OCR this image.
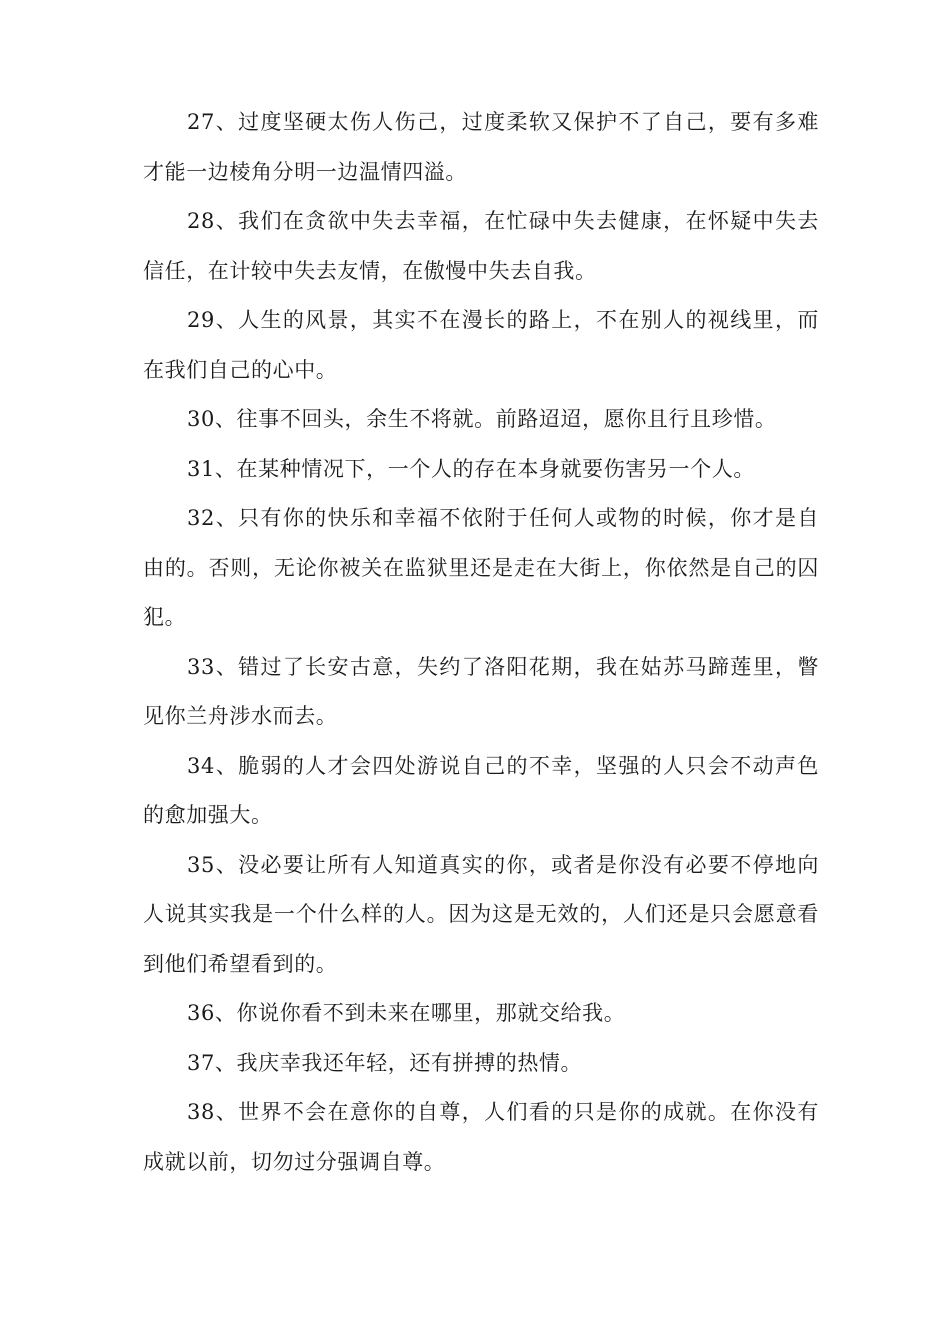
27、过度坚硬太伤人伤己，过度柔软又保护不了自己，要有多难才能一边棱角分明一边温情四溢。

28、我们在贪欲中失去幸福，在忙碌中失去健康，在怀疑中失去信任，在计较中失去友情，在傲慢中失去自我。

29、人生的风景，其实不在漫长的路上，不在别人的视线里，而在我们自己的心中。

30、往事不回头，余生不将就。前路迢迢，愿你且行且珍惜。

31、在某种情况下，一个人的存在本身就要伤害另一个人。

32、只有你的快乐和幸福不依附于任何人或物的时候，你才是自由的。否则，无论你被关在监狱里还是走在大街上，你依然是自己的囚犯。

33、错过了长安古意，失约了洛阳花期，我在姑苏马蹄莲里，瞥见你兰舟涉水而去。

34、脆弱的人才会四处游说自己的不幸，坚强的人只会不动声色的愈加强大。

35、没必要让所有人知道真实的你，或者是你没有必要不停地向人说其实我是一个什么样的人。因为这是无效的，人们还是只会愿意看到他们希望看到的。

36、你说你看不到未来在哪里，那就交给我。

37、我庆幸我还年轻，还有拼搏的热情。

38、世界不会在意你的自尊，人们看的只是你的成就。在你没有成就以前，切勿过分强调自尊。
